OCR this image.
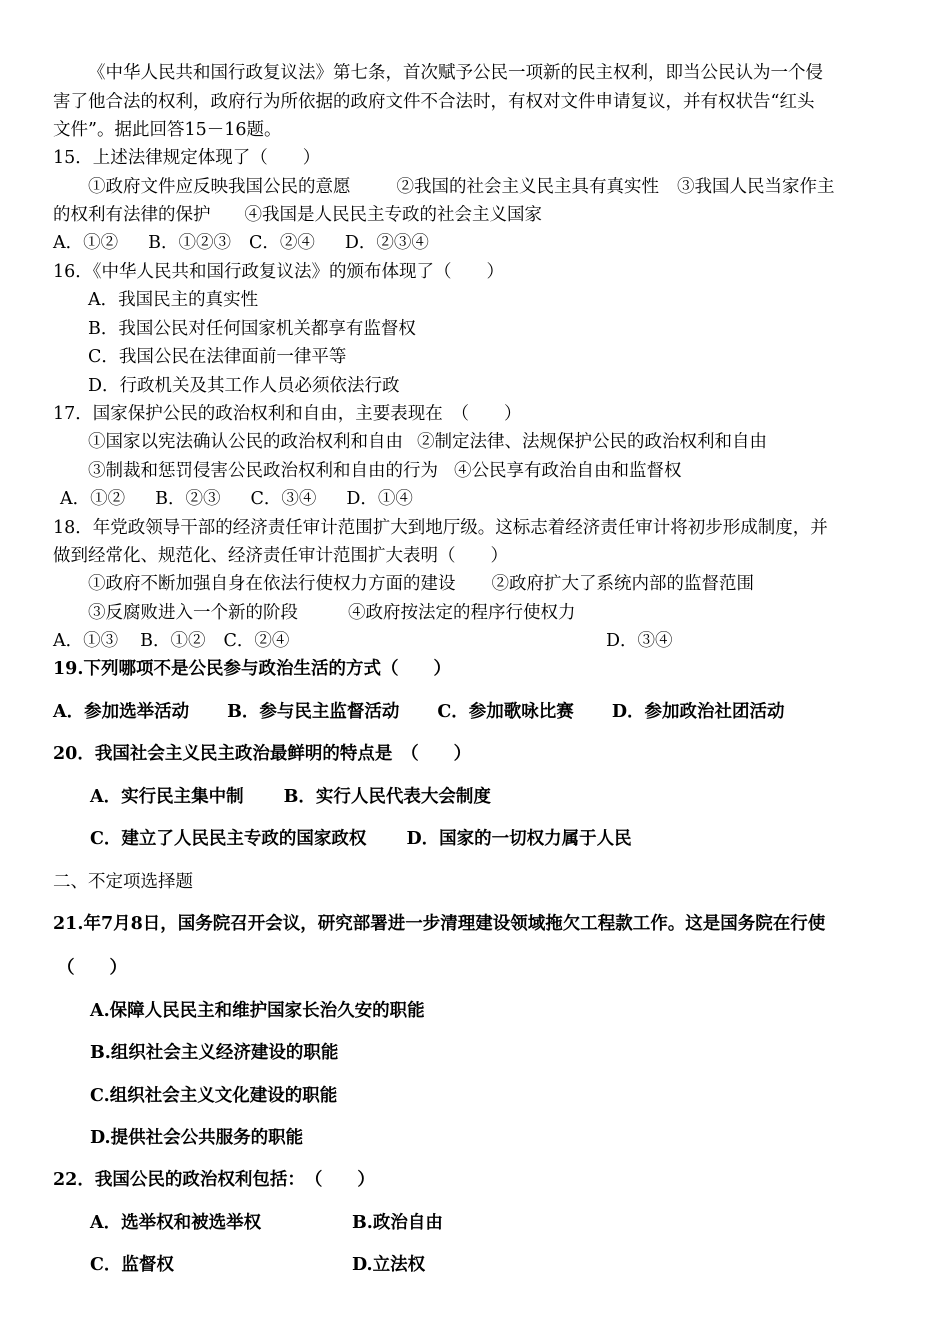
《中华人民共和国行政复议法》第七条，首次赋予公民一项新的民主权利，即当公民认为一个侵
害了他合法的权利，政府行为所依据的政府文件不合法时，有权对文件申请复议，并有权状告“红头
文件”。据此回答15－16题。
15．上述法律规定体现了（　　）
①政府文件应反映我国公民的意愿	②我国的社会主义民主具有真实性 ③我国人民当家作主
的权利有法律的保护 ④我国是人民民主专政的社会主义国家
A．①② B．①②③ C．②④ D．②③④
16．《中华人民共和国行政复议法》的颁布体现了（　　）
A．我国民主的真实性
B．我国公民对任何国家机关都享有监督权
C．我国公民在法律面前一律平等
D．行政机关及其工作人员必须依法行政
17．国家保护公民的政治权利和自由，主要表现在　（　　）
①国家以宪法确认公民的政治权利和自由 ②制定法律、法规保护公民的政治权利和自由
③制裁和惩罚侵害公民政治权利和自由的行为 ④公民享有政治自由和监督权
A．①② B．②③ C．③④ D．①④
18．年党政领导干部的经济责任审计范围扩大到地厅级。这标志着经济责任审计将初步形成制度，并
做到经常化、规范化、经济责任审计范围扩大表明（　　）
①政府不断加强自身在依法行使权力方面的建设 ②政府扩大了系统内部的监督范围
③反腐败进入一个新的阶段	④政府按法定的程序行使权力
A．①③ B．①② C．②④	D．③④
19.下列哪项不是公民参与政治生活的方式（　　）
A．参加选举活动 B．参与民主监督活动 C．参加歌咏比赛 D．参加政治社团活动
20．我国社会主义民主政治最鲜明的特点是　（　　）
A．实行民主集中制 B．实行人民代表大会制度
C．建立了人民民主专政的国家政权 D．国家的一切权力属于人民
二、不定项选择题
21.年7月8日，国务院召开会议，研究部署进一步清理建设领域拖欠工程款工作。这是国务院在行使
（　　）
A.保障人民民主和维护国家长治久安的职能
B.组织社会主义经济建设的职能
C.组织社会主义文化建设的职能
D.提供社会公共服务的职能
22．我国公民的政治权利包括：　（　　）
A．选举权和被选举权	B.政治自由
C．监督权	D.立法权
